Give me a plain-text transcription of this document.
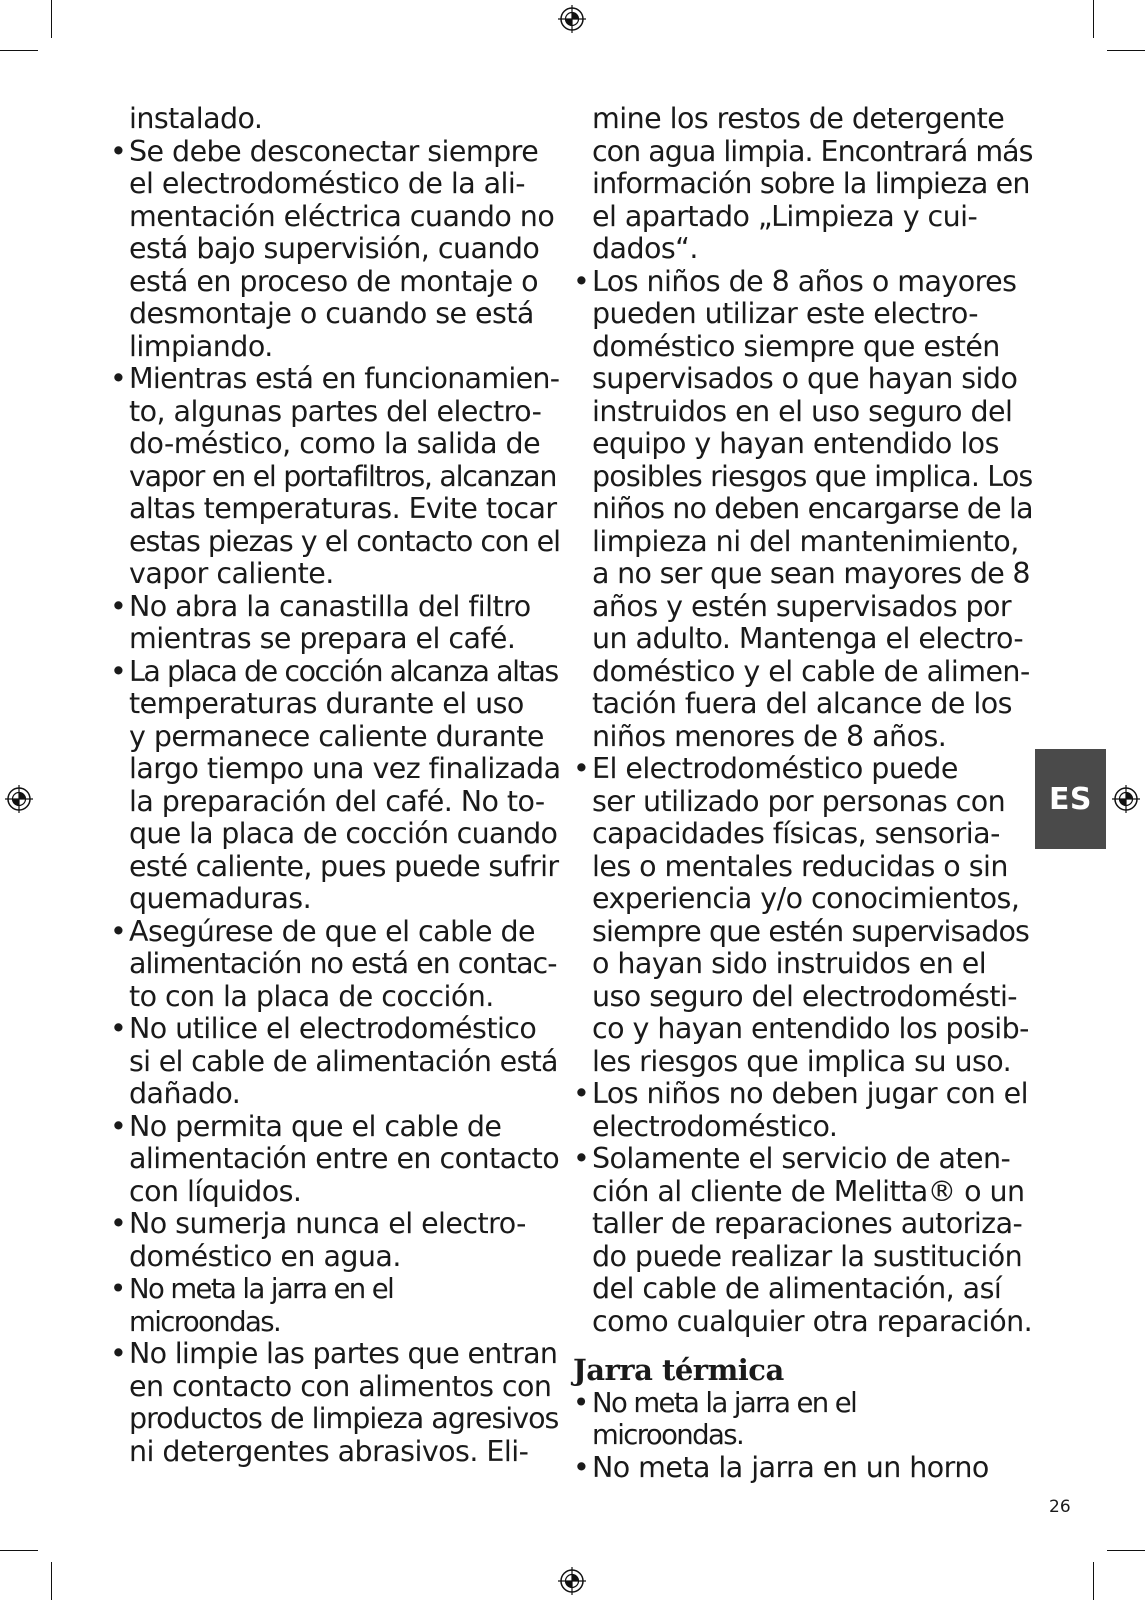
instalado.
• Se debe desconectar siempre
el electrodoméstico de la ali-
mentación eléctrica cuando no
está bajo supervisión, cuando
está en proceso de montaje o
desmontaje o cuando se está
limpiando.
• Mientras está en funcionamien-
to, algunas partes del electro-
do-méstico, como la salida de
vapor en el portafiltros, alcanzan
altas temperaturas. Evite tocar
estas piezas y el contacto con el
vapor caliente.
• No abra la canastilla del filtro
mientras se prepara el café.
• La placa de cocción alcanza altas
temperaturas durante el uso
y permanece caliente durante
largo tiempo una vez finalizada
la preparación del café. No to-
que la placa de cocción cuando
esté caliente, pues puede sufrir
quemaduras.
• Asegúrese de que el cable de
alimentación no está en contac-
to con la placa de cocción.
• No utilice el electrodoméstico
si el cable de alimentación está
dañado.
• No permita que el cable de
alimentación entre en contacto
con líquidos.
• No sumerja nunca el electro-
doméstico en agua.
• No meta la jarra en el
microondas.
• No limpie las partes que entran
en contacto con alimentos con
productos de limpieza agresivos
ni detergentes abrasivos. Eli-
mine los restos de detergente
con agua limpia. Encontrará más
información sobre la limpieza en
el apartado „Limpieza y cui-
dados“.
• Los niños de 8 años o mayores
pueden utilizar este electro-
doméstico siempre que estén
supervisados o que hayan sido
instruidos en el uso seguro del
equipo y hayan entendido los
posibles riesgos que implica. Los
niños no deben encargarse de la
limpieza ni del mantenimiento,
a no ser que sean mayores de 8
años y estén supervisados por
un adulto. Mantenga el electro-
doméstico y el cable de alimen-
tación fuera del alcance de los
niños menores de 8 años.
• El electrodoméstico puede
ser utilizado por personas con
capacidades físicas, sensoria-
les o mentales reducidas o sin
experiencia y/o conocimientos,
siempre que estén supervisados
o hayan sido instruidos en el
uso seguro del electrodomésti-
co y hayan entendido los posib-
les riesgos que implica su uso.
• Los niños no deben jugar con el
electrodoméstico.
• Solamente el servicio de aten-
ción al cliente de Melitta® o un
taller de reparaciones autoriza-
do puede realizar la sustitución
del cable de alimentación, así
como cualquier otra reparación.
Jarra térmica
• No meta la jarra en el
microondas.
• No meta la jarra en un horno
ES
26
